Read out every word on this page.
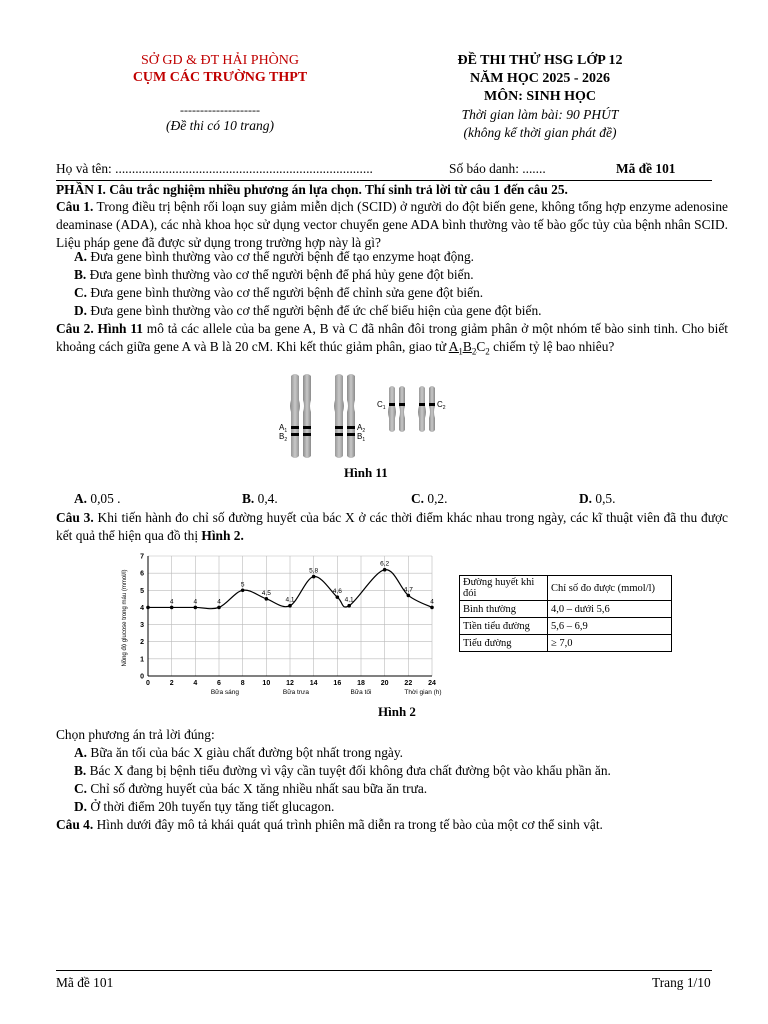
SỞ GD & ĐT HẢI PHÒNG
CỤM CÁC TRƯỜNG THPT
--------------------
(Đề thi có 10 trang)
ĐỀ THI THỬ HSG LỚP 12
NĂM HỌC 2025 - 2026
MÔN: SINH HỌC
Thời gian làm bài: 90 PHÚT
(không kể thời gian phát đề)
Họ và tên: .............................................................................	Số báo danh: .......	Mã đề 101
PHẦN I. Câu trắc nghiệm nhiều phương án lựa chọn. Thí sinh trả lời từ câu 1 đến câu 25.
Câu 1. Trong điều trị bệnh rối loạn suy giảm miễn dịch (SCID) ở người do đột biến gene, không tổng hợp enzyme adenosine deaminase (ADA), các nhà khoa học sử dụng vector chuyển gene ADA bình thường vào tế bào gốc tủy của bệnh nhân SCID. Liệu pháp gene đã được sử dụng trong trường hợp này là gì?
A. Đưa gene bình thường vào cơ thể người bệnh để tạo enzyme hoạt động.
B. Đưa gene bình thường vào cơ thể người bệnh để phá hủy gene đột biến.
C. Đưa gene bình thường vào cơ thể người bệnh để chỉnh sửa gene đột biến.
D. Đưa gene bình thường vào cơ thể người bệnh để ức chế biểu hiện của gene đột biến.
Câu 2. Hình 11 mô tả các allele của ba gene A, B và C đã nhân đôi trong giảm phân ở một nhóm tế bào sinh tinh. Cho biết khoảng cách giữa gene A và B là 20 cM. Khi kết thúc giảm phân, giao tử $A_1B_2C_2$ chiếm tỷ lệ bao nhiêu?
$A_1$
$B_2$
$A_2$
$B_1$
$C_1$	$C_2$
Hình 11
A. 0,05 .	B. 0,4.	C. 0,2.	D. 0,5.
Câu 3. Khi tiến hành đo chỉ số đường huyết của bác X ở các thời điểm khác nhau trong ngày, các kĩ thuật viên đã thu được kết quả thể hiện qua đồ thị Hình 2.
4	4	4
5
4,5
4,1
5,8
4,6
4,1
6,2
4,7
4
0	2	4	6	8	10 12 14 16 18 20 22 24
0
1
2
3
4
5
6
7
Bữa sáng	Bữa trưa	Bữa tối	Thời gian (h)
Nồng độ glucose trong máu (mmol/l)	Đường huyết khi đói	Chỉ số đo được (mmol/l)
Bình thường	4,0 – dưới 5,6
Tiền tiểu đường	5,6 – 6,9
Tiểu đường	≥ 7,0
Hình 2
Chọn phương án trả lời đúng:
A. Bữa ăn tối của bác X giàu chất đường bột nhất trong ngày.
B. Bác X đang bị bệnh tiểu đường vì vậy cần tuyệt đối không đưa chất đường bột vào khẩu phần ăn.
C. Chỉ số đường huyết của bác X tăng nhiều nhất sau bữa ăn trưa.
D. Ở thời điểm 20h tuyến tụy tăng tiết glucagon.
Câu 4. Hình dưới đây mô tả khái quát quá trình phiên mã diễn ra trong tế bào của một cơ thể sinh vật.
Mã đề 101	Trang 1/10
